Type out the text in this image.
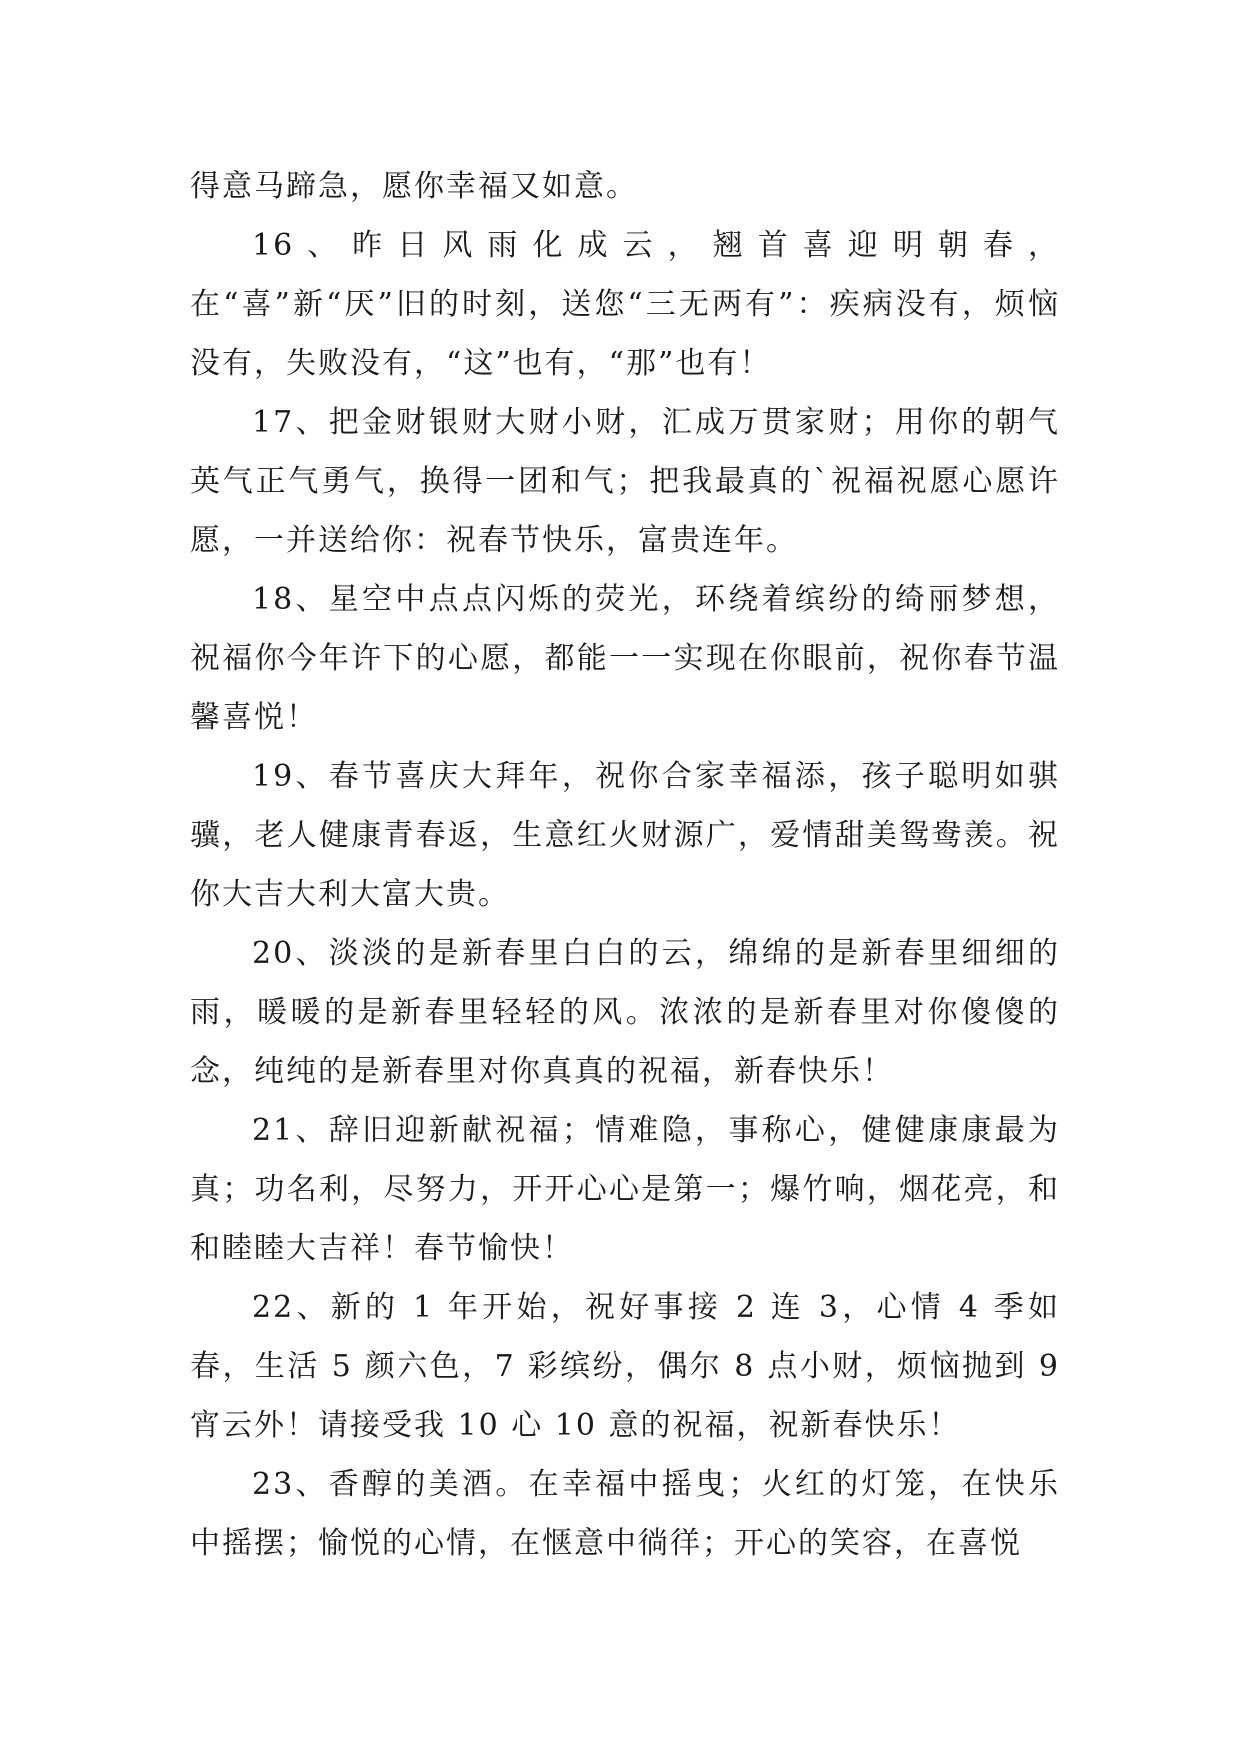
得意马蹄急，愿你幸福又如意。

16、昨日风雨化成云，翘首喜迎明朝春，在“喜”新“厌”旧的时刻，送您“三无两有”：疾病没有，烦恼没有，失败没有，“这”也有，“那”也有！

17、把金财银财大财小财，汇成万贯家财；用你的朝气英气正气勇气，换得一团和气；把我最真的`祝福祝愿心愿许愿，一并送给你：祝春节快乐，富贵连年。

18、星空中点点闪烁的荧光，环绕着缤纷的绮丽梦想，祝福你今年许下的心愿，都能一一实现在你眼前，祝你春节温馨喜悦！

19、春节喜庆大拜年，祝你合家幸福添，孩子聪明如骐骥，老人健康青春返，生意红火财源广，爱情甜美鸳鸯羡。祝你大吉大利大富大贵。

20、淡淡的是新春里白白的云，绵绵的是新春里细细的雨，暖暖的是新春里轻轻的风。浓浓的是新春里对你傻傻的念，纯纯的是新春里对你真真的祝福，新春快乐！

21、辞旧迎新献祝福；情难隐，事称心，健健康康最为真；功名利，尽努力，开开心心是第一；爆竹响，烟花亮，和和睦睦大吉祥！春节愉快！

22、新的 1 年开始，祝好事接 2 连 3，心情 4 季如春，生活 5 颜六色，7 彩缤纷，偶尔 8 点小财，烦恼抛到 9 宵云外！请接受我 10 心 10 意的祝福，祝新春快乐！

23、香醇的美酒。在幸福中摇曳；火红的灯笼，在快乐中摇摆；愉悦的心情，在惬意中徜徉；开心的笑容，在喜悦
